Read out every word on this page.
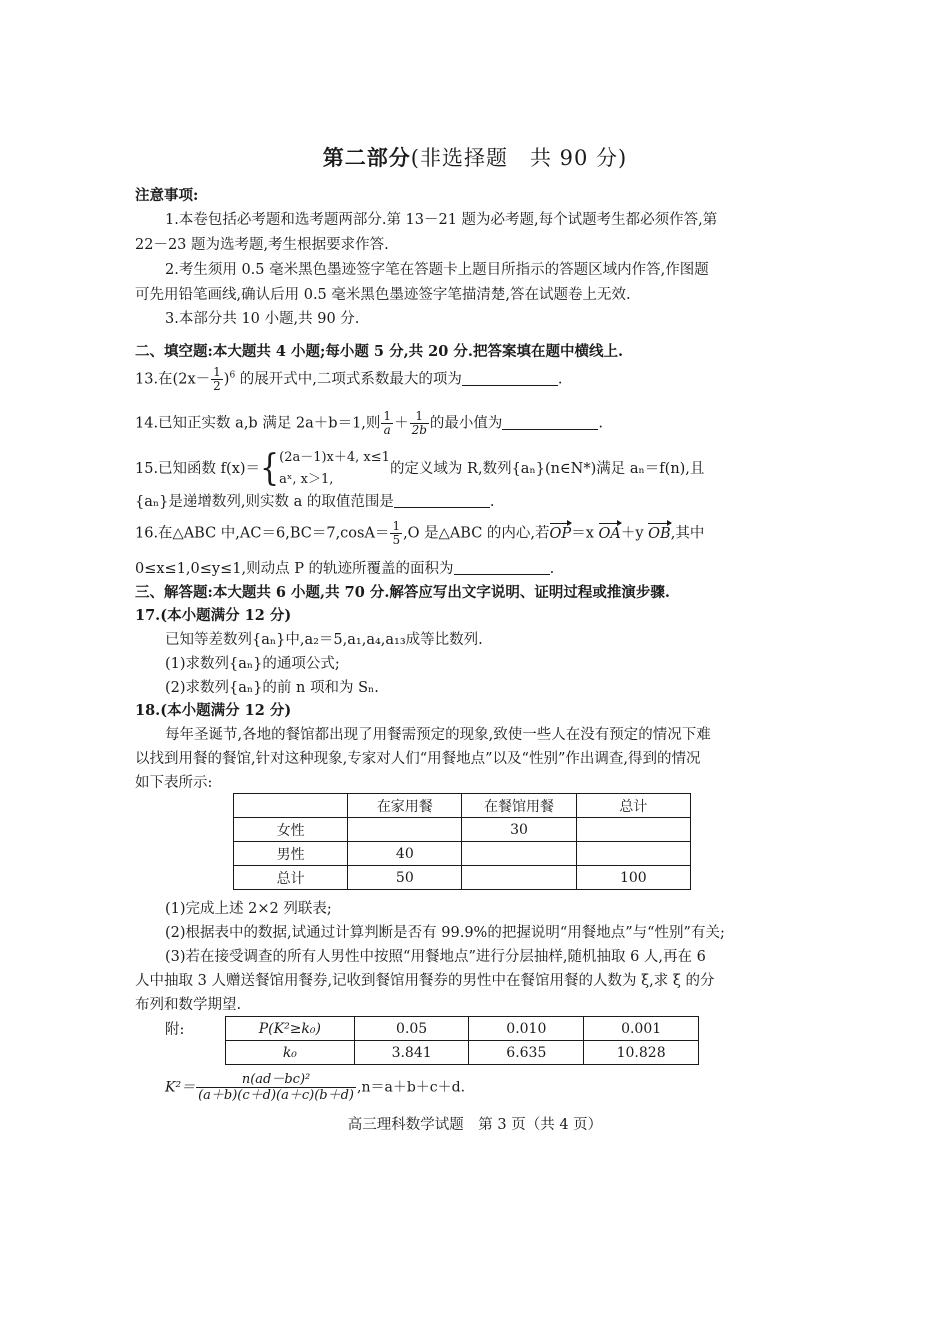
第二部分(非选择题　共 90 分)
注意事项:
1.本卷包括必考题和选考题两部分.第 13－21 题为必考题,每个试题考生都必须作答,第
22－23 题为选考题,考生根据要求作答.
2.考生须用 0.5 毫米黑色墨迹签字笔在答题卡上题目所指示的答题区域内作答,作图题
可先用铅笔画线,确认后用 0.5 毫米黑色墨迹签字笔描清楚,答在试题卷上无效.
3.本部分共 10 小题,共 90 分.
二、填空题:本大题共 4 小题;每小题 5 分,共 20 分.把答案填在题中横线上.
13.在$(2x- \frac{1}{2} )^6$ 的展开式中,二项式系数最大的项为	.
14.已知正实数 a,b 满足 2a＋b＝1,则 $\frac{1}{a} + \frac{1}{2b}$ 的最小值为	.
15.已知函数 f(x)＝{ (2a－1)x＋4, x≤1
aˣ, x＞1,
的定义域为 R,数列{aₙ}(n∈N*)满足 aₙ＝f(n),且
{aₙ}是递增数列,则实数 a 的取值范围是	.
16.在△ABC 中$,AC=6,BC=7,\cos A= \frac{1}{5} ,O$ 是△ABC 的内心,若OP＝x OA＋y OB,其中
0≤x≤1,0≤y≤1,则动点 P 的轨迹所覆盖的面积为	.
三、解答题:本大题共 6 小题,共 70 分.解答应写出文字说明、证明过程或推演步骤.
17.(本小题满分 12 分)
已知等差数列{aₙ}中,a₂＝5,a₁,a₄,a₁₃成等比数列.
(1)求数列{aₙ}的通项公式;
(2)求数列{aₙ}的前 n 项和为 Sₙ.
18.(本小题满分 12 分)
每年圣诞节,各地的餐馆都出现了用餐需预定的现象,致使一些人在没有预定的情况下难
以找到用餐的餐馆,针对这种现象,专家对人们“用餐地点”以及“性别”作出调查,得到的情况
如下表所示:
	在家用餐	在餐馆用餐	总计
女性		30	
男性	40		
总计	50		100
(1)完成上述 2×2 列联表;
(2)根据表中的数据,试通过计算判断是否有 99.9%的把握说明“用餐地点”与“性别”有关;
(3)若在接受调查的所有人男性中按照“用餐地点”进行分层抽样,随机抽取 6 人,再在 6
人中抽取 3 人赠送餐馆用餐券,记收到餐馆用餐券的男性中在餐馆用餐的人数为 ξ,求 ξ 的分
布列和数学期望.
附:	P(K²≥k₀)	0.05	0.010	0.001
k₀	3.841	6.635	10.828
$K^2= \frac{\text{n(ad－bc)²}}{(a+b)(c+d)(a+c)(b+d)} ,n=a+b+c+d$.
高三理科数学试题　第 3 页（共 4 页）
